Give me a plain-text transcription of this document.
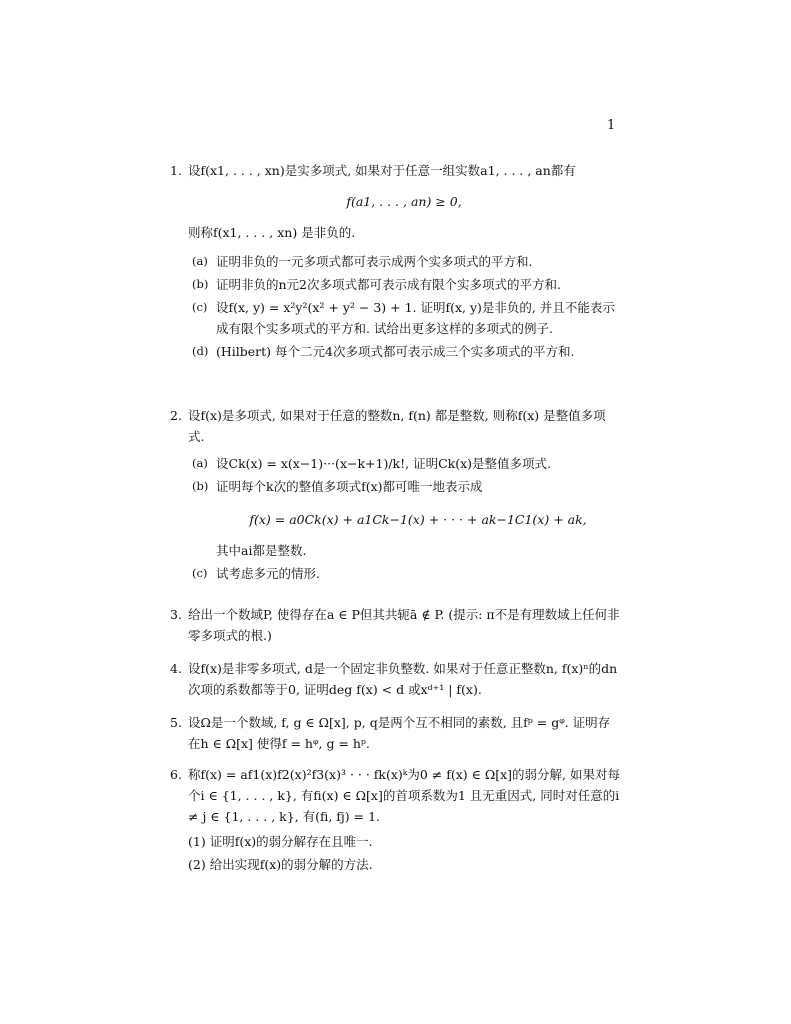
1
1. 设f(x1, . . . , xn)是实多项式, 如果对于任意一组实数a1, . . . , an都有
f(a1, . . . , an) ≥ 0,
则称f(x1, . . . , xn) 是非负的.
(a) 证明非负的一元多项式都可表示成两个实多项式的平方和.
(b) 证明非负的n元2次多项式都可表示成有限个实多项式的平方和.
(c) 设f(x, y) = x²y²(x² + y² − 3) + 1. 证明f(x, y)是非负的, 并且不能表示成有限个实多项式的平方和. 试给出更多这样的多项式的例子.
(d) (Hilbert) 每个二元4次多项式都可表示成三个实多项式的平方和.
2. 设f(x)是多项式, 如果对于任意的整数n, f(n) 都是整数, 则称f(x) 是整值多项式.
(a) 设Ck(x) = x(x−1)···(x−k+1)/k!, 证明Ck(x)是整值多项式.
(b) 证明每个k次的整值多项式f(x)都可唯一地表示成
f(x) = a0Ck(x) + a1Ck−1(x) + · · · + ak−1C1(x) + ak,
其中ai都是整数.
(c) 试考虑多元的情形.
3. 给出一个数域P, 使得存在a ∈ P但其共轭ā ∉ P. (提示: π不是有理数域上任何非零多项式的根.)
4. 设f(x)是非零多项式, d是一个固定非负整数. 如果对于任意正整数n, f(x)ⁿ的dn次项的系数都等于0, 证明deg f(x) < d 或xᵈ⁺¹ | f(x).
5. 设Ω是一个数域, f, g ∈ Ω[x], p, q是两个互不相同的素数, 且fᵖ = gᵠ. 证明存在h ∈ Ω[x] 使得f = hᵠ, g = hᵖ.
6. 称f(x) = af1(x)f2(x)²f3(x)³ · · · fk(x)ᵏ为0 ≠ f(x) ∈ Ω[x]的弱分解, 如果对每个i ∈ {1, . . . , k}, 有fi(x) ∈ Ω[x]的首项系数为1 且无重因式, 同时对任意的i ≠ j ∈ {1, . . . , k}, 有(fi, fj) = 1.
(1) 证明f(x)的弱分解存在且唯一.
(2) 给出实现f(x)的弱分解的方法.
